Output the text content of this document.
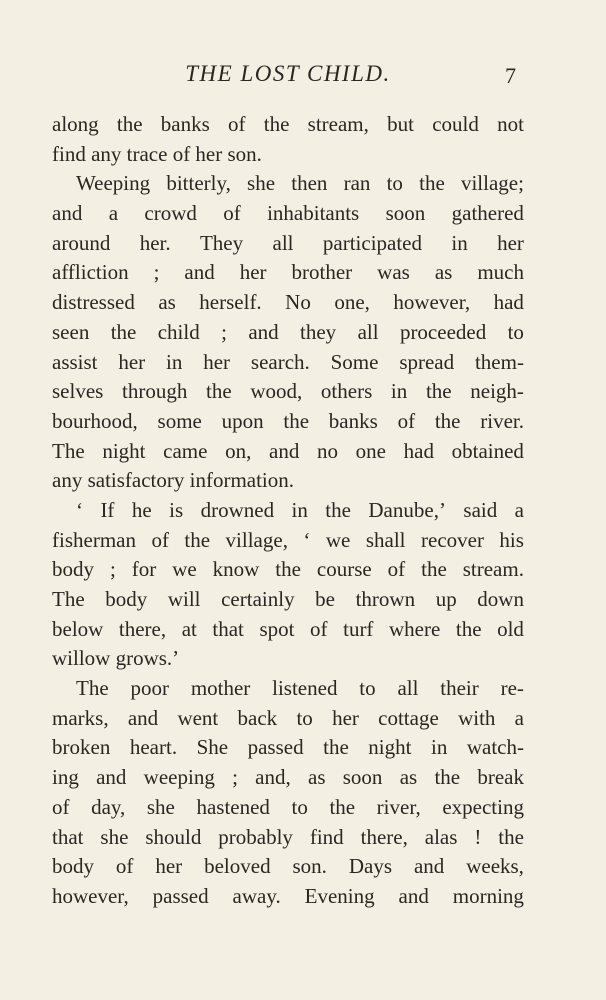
THE LOST CHILD.	7
along the banks of the stream, but could not
find any trace of her son.
Weeping bitterly, she then ran to the village;
and a crowd of inhabitants soon gathered
around her. They all participated in her
affliction ; and her brother was as much
distressed as herself. No one, however, had
seen the child ; and they all proceeded to
assist her in her search. Some spread them-
selves through the wood, others in the neigh-
bourhood, some upon the banks of the river.
The night came on, and no one had obtained
any satisfactory information.
‘ If he is drowned in the Danube,’ said a
fisherman of the village, ‘ we shall recover his
body ; for we know the course of the stream.
The body will certainly be thrown up down
below there, at that spot of turf where the old
willow grows.’
The poor mother listened to all their re-
marks, and went back to her cottage with a
broken heart. She passed the night in watch-
ing and weeping ; and, as soon as the break
of day, she hastened to the river, expecting
that she should probably find there, alas ! the
body of her beloved son. Days and weeks,
however, passed away. Evening and morning
